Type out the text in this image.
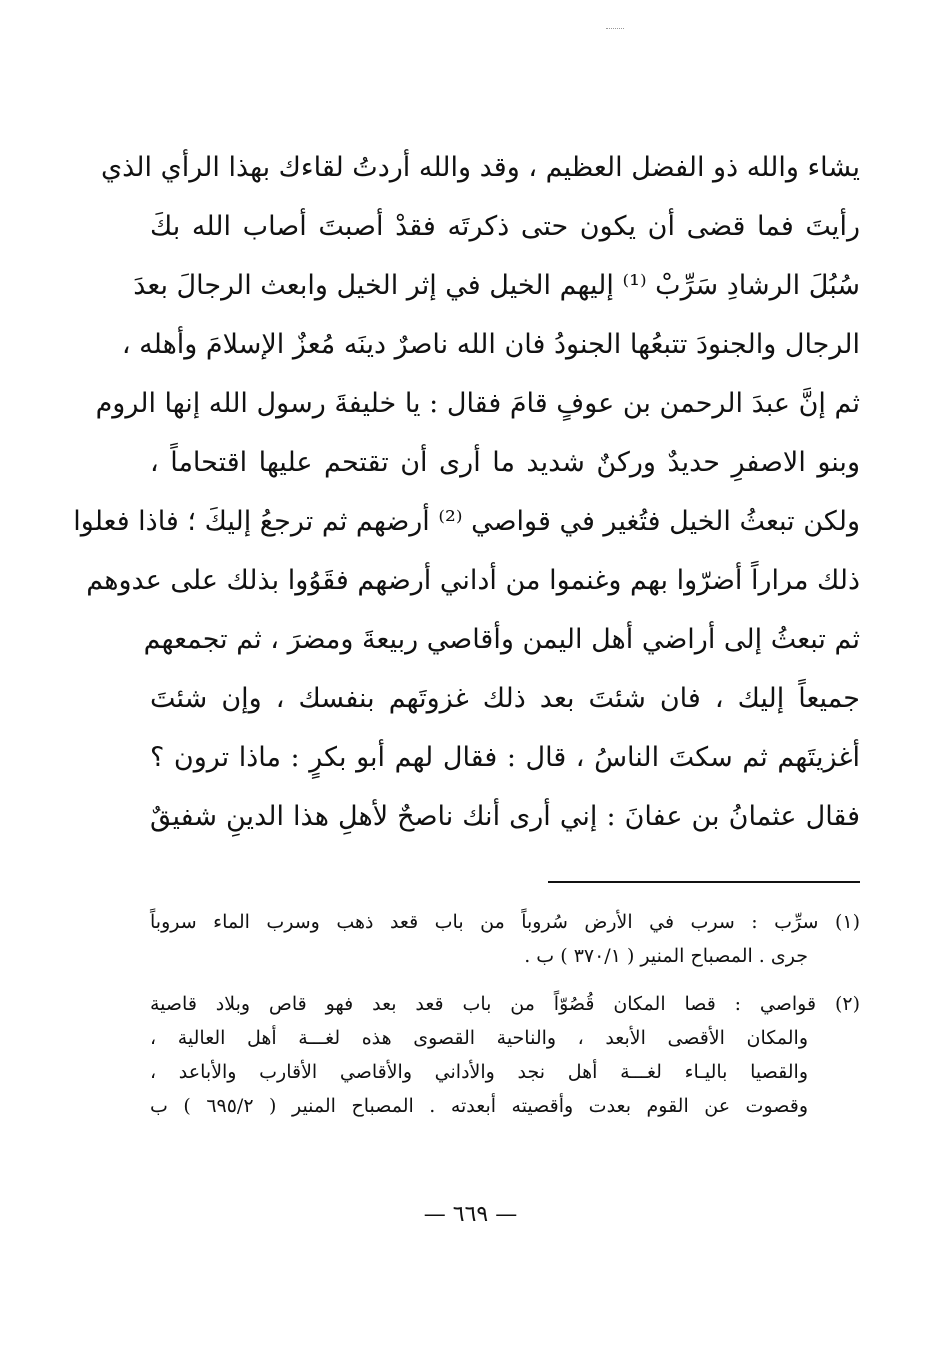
يشاء والله ذو الفضل العظيم ، وقد والله أردتُ لقاءك بهذا الرأي الذي
رأيتَ فما قضى أن يكون حتى ذكرتَه فقدْ أصبتَ أصاب الله بكَ
سُبُلَ الرشادِ سَرِّبْ ⁽¹⁾ إليهم الخيل في إثر الخيل وابعث الرجالَ بعدَ
الرجال والجنودَ تتبعُها الجنودُ فان الله ناصرٌ دينَه مُعزٌ الإسلامَ وأهله ،
ثم إنَّ عبدَ الرحمن بن عوفٍ قامَ فقال : يا خليفةَ رسول الله إنها الروم
وبنو الاصفرِ حديدٌ وركنٌ شديد ما أرى أن تقتحم عليها اقتحاماً ،
ولكن تبعثُ الخيل فتُغير في قواصي ⁽²⁾ أرضهم ثم ترجعُ إليكَ ؛ فاذا فعلوا
ذلك مراراً أضرّوا بهم وغنموا من أداني أرضهم فقَوُوا بذلك على عدوهم
ثم تبعثُ إلى أراضي أهل اليمن وأقاصي ربيعةَ ومضرَ ، ثم تجمعهم
جميعاً إليك ، فان شئتَ بعد ذلك غزوتَهم بنفسك ، وإن شئتَ
أغزيتَهم ثم سكتَ الناسُ ، قال : فقال لهم أبو بكرٍ : ماذا ترون ؟
فقال عثمانُ بن عفانَ : إني أرى أنك ناصحٌ لأهلِ هذا الدينِ شفيقٌ
(١) سرِّب : سرب في الأرض سُروباً من باب قعد ذهب وسرب الماء سروباً
جرى . المصباح المنير ( ٣٧٠/١ ) ب .
(٢) قواصي : قصا المكان قُصُوّاً من باب قعد بعد فهو قاص وبلاد قاصية
والمكان الأقصى الأبعد ، والناحية القصوى هذه لغـــة أهل العالية ،
والقصيا باليـاء لغـــة أهل نجد والأداني والأقاصي الأقارب والأباعد ،
وقصوت عن القوم بعدت وأقصيته أبعدته . المصباح المنير ( ٦٩٥/٢ ) ب
— ٦٦٩ —
